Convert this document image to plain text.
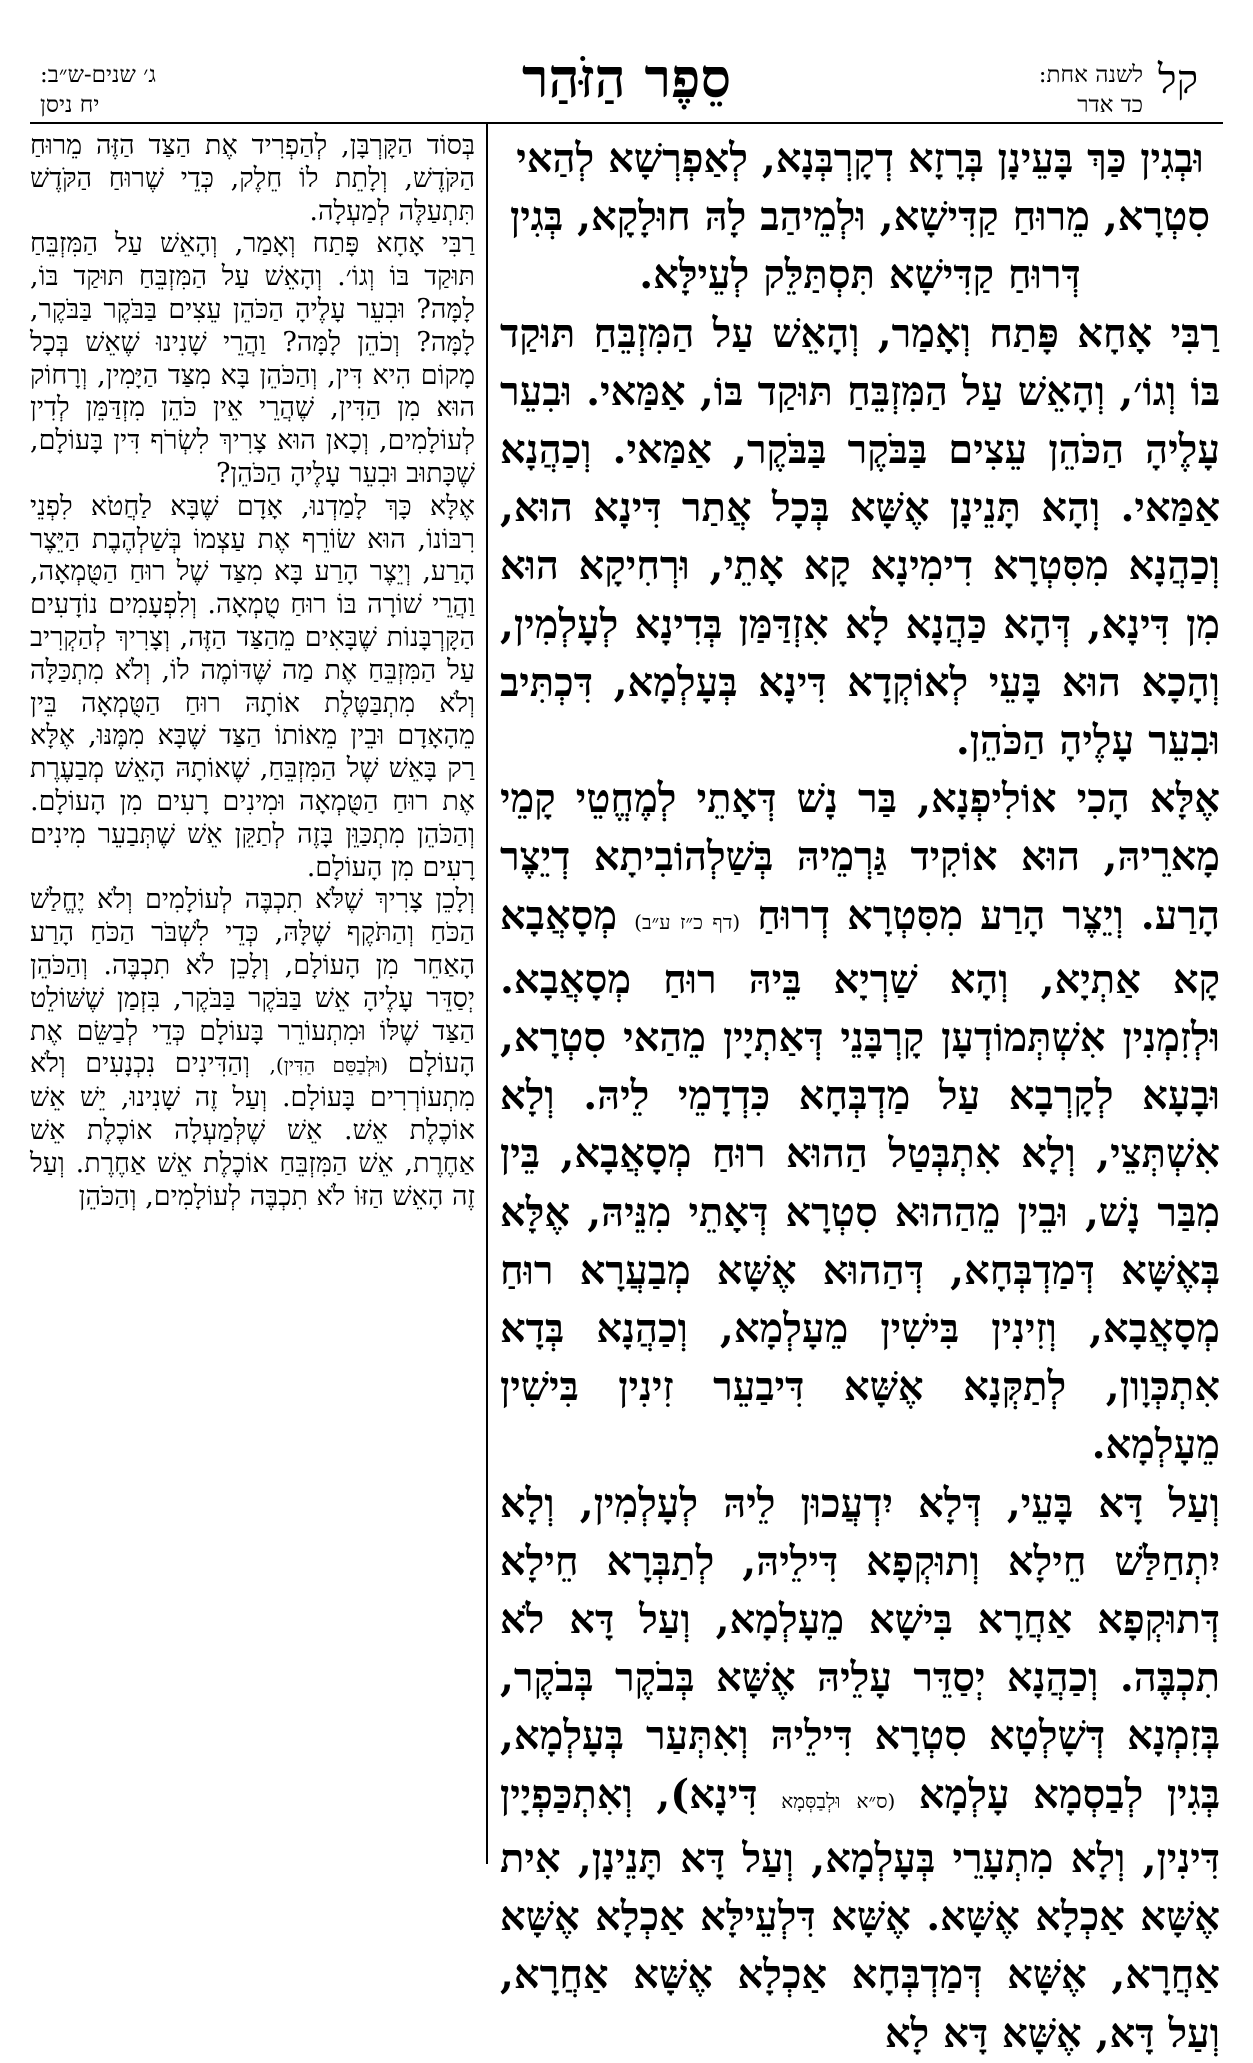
קל
לשנה אחת:
כד אדר
סֵפֶר הַזֹּהַר
ג׳ שנים-ש״ב:
יח ניסן

וּבְגִין כַּךְ בָּעֵינָן בְּרָזָא דְקָרְבְּנָא, לְאַפְרְשָׁא לְהַאי סִטְרָא, מֵרוּחַ קַדִּישָׁא, וּלְמֵיהַב לָהּ חוּלָקָא, בְּגִין דְּרוּחַ קַדִּישָׁא תִּסְתַּלֵּק לְעֵילָּא.

רַבִּי אָחָא פָּתַח וְאָמַר, וְהָאֵשׁ עַל הַמִּזְבֵּחַ תּוּקַד בּוֹ וְגוֹ׳, וְהָאֵשׁ עַל הַמִּזְבֵּחַ תּוּקַד בּוֹ, אַמַּאי. וּבִעֵר עָלֶיהָ הַכֹּהֵן עֵצִים בַּבֹּקֶר בַּבֹּקֶר, אַמַּאי. וְכַהֲנָא אַמַּאי. וְהָא תָּנֵינָן אֶשָּׁא בְּכָל אֲתַר דִּינָא הוּא, וְכַהֲנָא מִסִּטְרָא דִימִינָא קָא אָתֵי, וּרְחִיקָא הוּא מִן דִּינָא, דְּהָא כַּהֲנָא לָא אִזְדַּמַּן בְּדִינָא לְעָלְמִין, וְהָכָא הוּא בָּעֵי לְאוֹקְדָא דִּינָא בְּעָלְמָא, דִּכְתִּיב וּבִעֵר עָלֶיהָ הַכֹּהֵן.

אֶלָּא הָכִי אוֹלִיפְנָא, בַּר נָשׁ דְּאָתֵי לְמֶחֱטֵי קָמֵי מָארֵיהּ, הוּא אוֹקִיד גַּרְמֵיהּ בְּשַׁלְהוֹבִיתָא דְיֵצֶר הָרַע. וְיֵצֶר הָרַע מִסִּטְרָא דְרוּחַ (דף כ״ז ע״ב) מְסָאֲבָא קָא אַתְיָא, וְהָא שַׁרְיָא בֵּיהּ רוּחַ מְסָאֲבָא. וּלְזִמְנִין אִשְׁתְּמוֹדְעָן קָרְבָּנֵי דְּאַתְיָין מֵהַאי סִטְרָא, וּבָעָא לְקָרְבָא עַל מַדְבְּחָא כִּדְדָמֵי לֵיהּ. וְלָא אִשְׁתְּצֵי, וְלָא אִתְבְּטַל הַהוּא רוּחַ מְסָאֲבָא, בֵּין מִבַּר נָשׁ, וּבֵין מֵהַהוּא סִטְרָא דְּאָתֵי מִנֵּיהּ, אֶלָּא בְּאֶשָּׁא דְּמַדְבְּחָא, דְּהַהוּא אֶשָּׁא מְבַעֲרָא רוּחַ מְסָאֲבָא, וְזִינִין בִּישִׁין מֵעָלְמָא, וְכַהֲנָא בְּדָא אִתְכְּוָון, לְתַקְּנָא אֶשָּׁא דִּיבַעֵר זִינִין בִּישִׁין מֵעָלְמָא.

וְעַל דָּא בָּעֵי, דְּלָא יִדְעֲכוּן לֵיהּ לְעָלְמִין, וְלָא יִתְחַלַּשׁ חֵילָא וְתוּקְפָא דִּילֵיהּ, לְתַבְּרָא חֵילָא דְּתוּקְפָא אַחֲרָא בִּישָׁא מֵעָלְמָא, וְעַל דָּא לֹא תִכְבֶּה. וְכַהֲנָא יְסַדֵּר עָלֵיהּ אֶשָּׁא בְּבֹקֶר בְּבֹקֶר, בְּזִמְנָא דְּשָׁלְטָא סִטְרָא דִּילֵיהּ וְאִתְּעַר בְּעָלְמָא, בְּגִין לְבַסְמָא עָלְמָא (ס״א וּלְבַסְּמָא דִּינָא), וְאִתְכַּפְיָין דִּינִין, וְלָא מִתְעָרֵי בְּעָלְמָא, וְעַל דָּא תָּנֵינָן, אִית אֶשָּׁא אַכְלָא אֶשָּׁא. אֶשָּׁא דִּלְעֵילָּא אַכְלָא אֶשָּׁא אַחֲרָא, אֶשָּׁא דְּמַדְבְּחָא אַכְלָא אֶשָּׁא אַחֲרָא, וְעַל דָּא, אֶשָּׁא דָּא לָא

בְּסוֹד הַקָּרְבָּן, לְהַפְרִיד אֶת הַצַּד הַזֶּה מֵרוּחַ הַקֹּדֶשׁ, וְלָתֵת לוֹ חֵלֶק, כְּדֵי שֶׁרוּחַ הַקֹּדֶשׁ תִּתְעַלֶּה לְמַעְלָה.

רַבִּי אָחָא פָּתַח וְאָמַר, וְהָאֵשׁ עַל הַמִּזְבֵּחַ תּוּקַד בּוֹ וְגוֹ׳. וְהָאֵשׁ עַל הַמִּזְבֵּחַ תּוּקַד בּוֹ, לָמָּה? וּבִעֵר עָלֶיהָ הַכֹּהֵן עֵצִים בַּבֹּקֶר בַּבֹּקֶר, לָמָּה? וְכֹהֵן לָמָּה? וַהֲרֵי שָׁנִינוּ שֶׁאֵשׁ בְּכָל מָקוֹם הִיא דִּין, וְהַכֹּהֵן בָּא מִצַּד הַיָּמִין, וְרָחוֹק הוּא מִן הַדִּין, שֶׁהֲרֵי אֵין כֹּהֵן מִזְדַּמֵּן לְדִין לְעוֹלָמִים, וְכָאן הוּא צָרִיךְ לִשְׂרֹף דִּין בָּעוֹלָם, שֶׁכָּתוּב וּבִעֵר עָלֶיהָ הַכֹּהֵן?

אֶלָּא כָּךְ לָמַדְנוּ, אָדָם שֶׁבָּא לַחֲטֹא לִפְנֵי רִבּוֹנוֹ, הוּא שׂוֹרֵף אֶת עַצְמוֹ בְּשַׁלְהֶבֶת הַיֵּצֶר הָרַע, וְיֵצֶר הָרַע בָּא מִצַּד שֶׁל רוּחַ הַטֻּמְאָה, וַהֲרֵי שׁוֹרָה בּוֹ רוּחַ טֻמְאָה. וְלִפְעָמִים נוֹדָעִים הַקָּרְבָּנוֹת שֶׁבָּאִים מֵהַצַּד הַזֶּה, וְצָרִיךְ לְהַקְרִיב עַל הַמִּזְבֵּחַ אֶת מַה שֶּׁדּוֹמֶה לוֹ, וְלֹא מִתְכַּלָּה וְלֹא מִתְבַּטֶּלֶת אוֹתָהּ רוּחַ הַטֻּמְאָה בֵּין מֵהָאָדָם וּבֵין מֵאוֹתוֹ הַצַּד שֶׁבָּא מִמֶּנּוּ, אֶלָּא רַק בָּאֵשׁ שֶׁל הַמִּזְבֵּחַ, שֶׁאוֹתָהּ הָאֵשׁ מְבַעֶרֶת אֶת רוּחַ הַטֻּמְאָה וּמִינִים רָעִים מִן הָעוֹלָם. וְהַכֹּהֵן מִתְכַּוֵּן בָּזֶה לְתַקֵּן אֵשׁ שֶׁתְּבַעֵר מִינִים רָעִים מִן הָעוֹלָם.

וְלָכֵן צָרִיךְ שֶׁלֹּא תִכְבֶּה לְעוֹלָמִים וְלֹא יֶחֱלַשׁ הַכֹּחַ וְהַתֹּקֶף שֶׁלָּהּ, כְּדֵי לִשְׁבֹּר הַכֹּחַ הָרַע הָאַחֵר מִן הָעוֹלָם, וְלָכֵן לֹא תִכְבֶּה. וְהַכֹּהֵן יְסַדֵּר עָלֶיהָ אֵשׁ בַּבֹּקֶר בַּבֹּקֶר, בִּזְמַן שֶׁשּׁוֹלֵט הַצַּד שֶׁלּוֹ וּמִתְעוֹרֵר בָּעוֹלָם כְּדֵי לְבַשֵּׂם אֶת הָעוֹלָם (וּלְבַסֵּם הַדִּין), וְהַדִּינִים נִכְנָעִים וְלֹא מִתְעוֹרְרִים בָּעוֹלָם. וְעַל זֶה שָׁנִינוּ, יֵשׁ אֵשׁ אוֹכֶלֶת אֵשׁ. אֵשׁ שֶׁלְּמַעְלָה אוֹכֶלֶת אֵשׁ אַחֶרֶת, אֵשׁ הַמִּזְבֵּחַ אוֹכֶלֶת אֵשׁ אַחֶרֶת. וְעַל זֶה הָאֵשׁ הַזּוֹ לֹא תִכְבֶּה לְעוֹלָמִים, וְהַכֹּהֵן
